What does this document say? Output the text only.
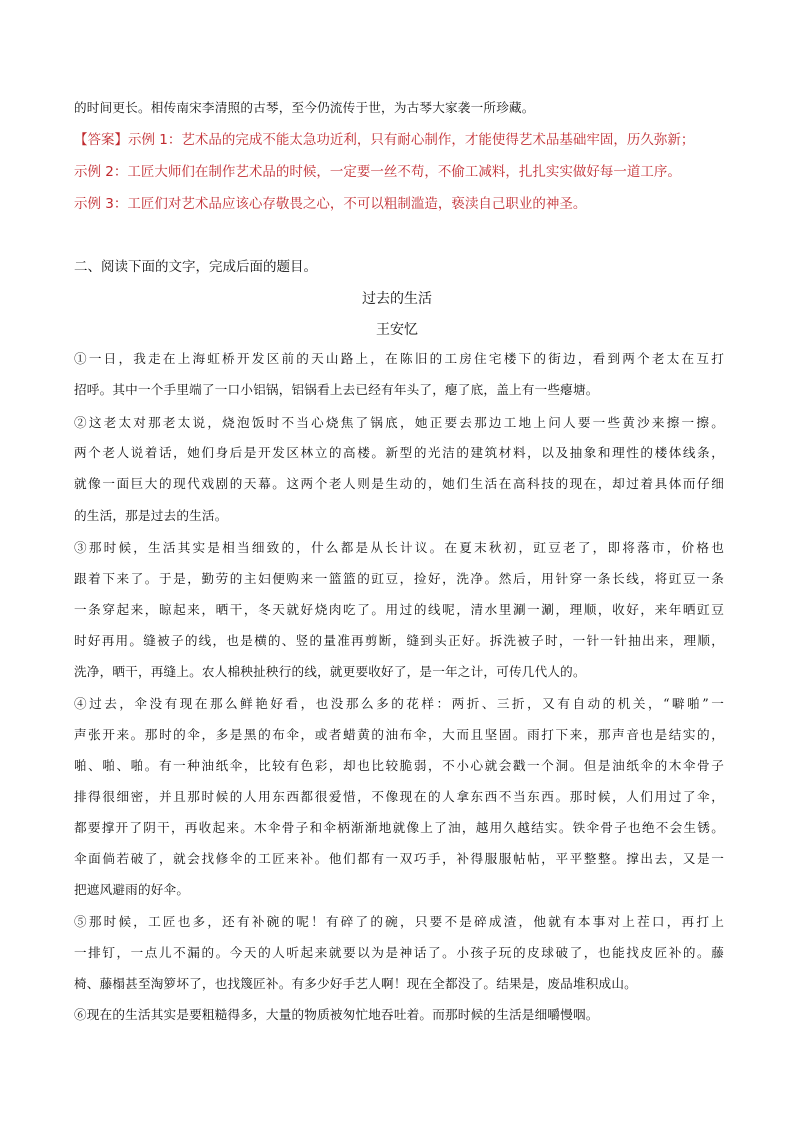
的时间更长。相传南宋李清照的古琴，至今仍流传于世，为古琴大家袭一所珍藏。
【答案】示例 1：艺术品的完成不能太急功近利，只有耐心制作，才能使得艺术品基础牢固，历久弥新；
示例 2：工匠大师们在制作艺术品的时候，一定要一丝不苟，不偷工减料，扎扎实实做好每一道工序。
示例 3：工匠们对艺术品应该心存敬畏之心，不可以粗制滥造，亵渎自己职业的神圣。
二、阅读下面的文字，完成后面的题目。
过去的生活
王安忆
①一日，我走在上海虹桥开发区前的天山路上，在陈旧的工房住宅楼下的街边，看到两个老太在互打
招呼。其中一个手里端了一口小铝锅，铝锅看上去已经有年头了，瘪了底，盖上有一些瘪塘。
②这老太对那老太说，烧泡饭时不当心烧焦了锅底，她正要去那边工地上问人要一些黄沙来擦一擦。
两个老人说着话，她们身后是开发区林立的高楼。新型的光洁的建筑材料，以及抽象和理性的楼体线条，
就像一面巨大的现代戏剧的天幕。这两个老人则是生动的，她们生活在高科技的现在，却过着具体而仔细
的生活，那是过去的生活。
③那时候，生活其实是相当细致的，什么都是从长计议。在夏末秋初，豇豆老了，即将落市，价格也
跟着下来了。于是，勤劳的主妇便购来一篮篮的豇豆，捡好，洗净。然后，用针穿一条长线，将豇豆一条
一条穿起来，晾起来，晒干，冬天就好烧肉吃了。用过的线呢，清水里涮一涮，理顺，收好，来年晒豇豆
时好再用。缝被子的线，也是横的、竖的量准再剪断，缝到头正好。拆洗被子时，一针一针抽出来，理顺，
洗净，晒干，再缝上。农人棉秧扯秧行的线，就更要收好了，是一年之计，可传几代人的。
④过去，伞没有现在那么鲜艳好看，也没那么多的花样：两折、三折，又有自动的机关，“噼啪”一
声张开来。那时的伞，多是黑的布伞，或者蜡黄的油布伞，大而且坚固。雨打下来，那声音也是结实的，
啪、啪、啪。有一种油纸伞，比较有色彩，却也比较脆弱，不小心就会戳一个洞。但是油纸伞的木伞骨子
排得很细密，并且那时候的人用东西都很爱惜，不像现在的人拿东西不当东西。那时候，人们用过了伞，
都要撑开了阴干，再收起来。木伞骨子和伞柄渐渐地就像上了油，越用久越结实。铁伞骨子也绝不会生锈。
伞面倘若破了，就会找修伞的工匠来补。他们都有一双巧手，补得服服帖帖，平平整整。撑出去，又是一
把遮风避雨的好伞。
⑤那时候，工匠也多，还有补碗的呢！有碎了的碗，只要不是碎成渣，他就有本事对上茬口，再打上
一排钉，一点儿不漏的。今天的人听起来就要以为是神话了。小孩子玩的皮球破了，也能找皮匠补的。藤
椅、藤榻甚至淘箩坏了，也找篾匠补。有多少好手艺人啊！现在全都没了。结果是，废品堆积成山。
⑥现在的生活其实是要粗糙得多，大量的物质被匆忙地吞吐着。而那时候的生活是细嚼慢咽。
